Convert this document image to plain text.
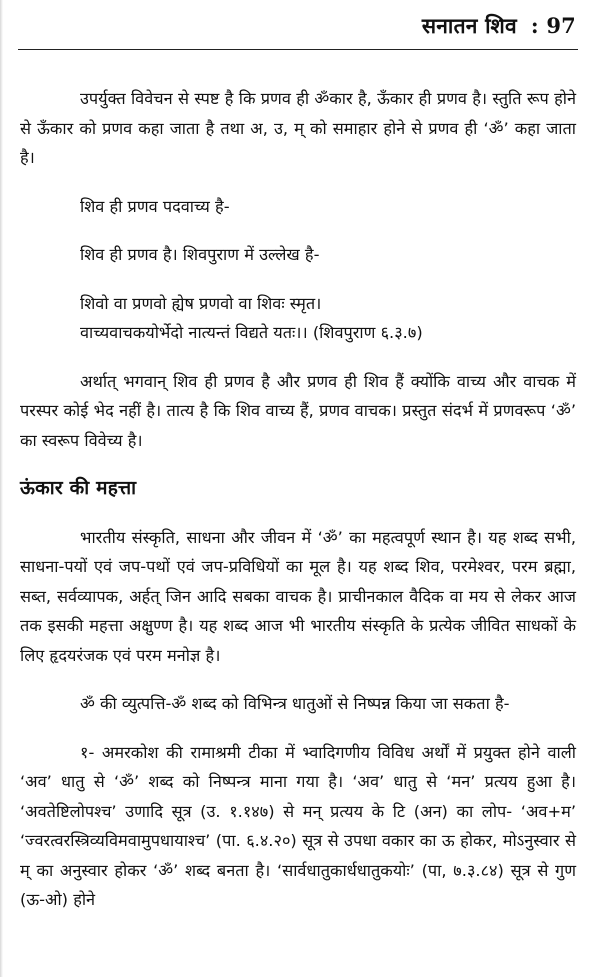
सनातन शिव : 97

उपर्युक्त विवेचन से स्पष्ट है कि प्रणव ही ॐकार है, ऊँकार ही प्रणव है। स्तुति रूप होने से ऊँकार को प्रणव कहा जाता है तथा अ, उ, म् को समाहार होने से प्रणव ही ‘ॐ’ कहा जाता है।

शिव ही प्रणव पदवाच्य है-

शिव ही प्रणव है। शिवपुराण में उल्लेख है-

शिवो वा प्रणवो ह्येष प्रणवो वा शिवः स्मृत।
वाच्यवाचकयोर्भेदो नात्यन्तं विद्यते यतः।। (शिवपुराण ६.३.७)

अर्थात् भगवान् शिव ही प्रणव है और प्रणव ही शिव हैं क्योंकि वाच्य और वाचक में परस्पर कोई भेद नहीं है। तात्य है कि शिव वाच्य हैं, प्रणव वाचक। प्रस्तुत संदर्भ में प्रणवरूप ‘ॐ’ का स्वरूप विवेच्य है।

ऊंकार की महत्ता

भारतीय संस्कृति, साधना और जीवन में ‘ॐ’ का महत्वपूर्ण स्थान है। यह शब्द सभी, साधना-पयों एवं जप-पथों एवं जप-प्रविधियों का मूल है। यह शब्द शिव, परमेश्वर, परम ब्रह्मा, सब्त, सर्वव्यापक, अर्हत् जिन आदि सबका वाचक है। प्राचीनकाल वैदिक वा मय से लेकर आज तक इसकी महत्ता अक्षुण्ण है। यह शब्द आज भी भारतीय संस्कृति के प्रत्येक जीवित साधकों के लिए हृदयरंजक एवं परम मनोज्ञ है।

ॐ की व्युत्पत्ति-ॐ शब्द को विभिन्त्र धातुओं से निष्पन्न किया जा सकता है-

१- अमरकोश की रामाश्रमी टीका में भ्वादिगणीय विविध अर्थों में प्रयुक्त होने वाली ‘अव’ धातु से ‘ॐ’ शब्द को निष्पन्त्र माना गया है। ‘अव’ धातु से ‘मन’ प्रत्यय हुआ है। ‘अवतेष्टिलोपश्च’ उणादि सूत्र (उ. १.१४७) से मन् प्रत्यय के टि (अन) का लोप- ‘अव+म’ ‘ज्वरत्वरस्त्रिव्यविमवामुपधायाश्च’ (पा. ६.४.२०) सूत्र से उपधा वकार का ऊ होकर, मोऽनुस्वार से म् का अनुस्वार होकर ‘ॐ’ शब्द बनता है। ‘सार्वधातुकार्धधातुकयोः’ (पा, ७.३.८४) सूत्र से गुण (ऊ-ओ) होने
